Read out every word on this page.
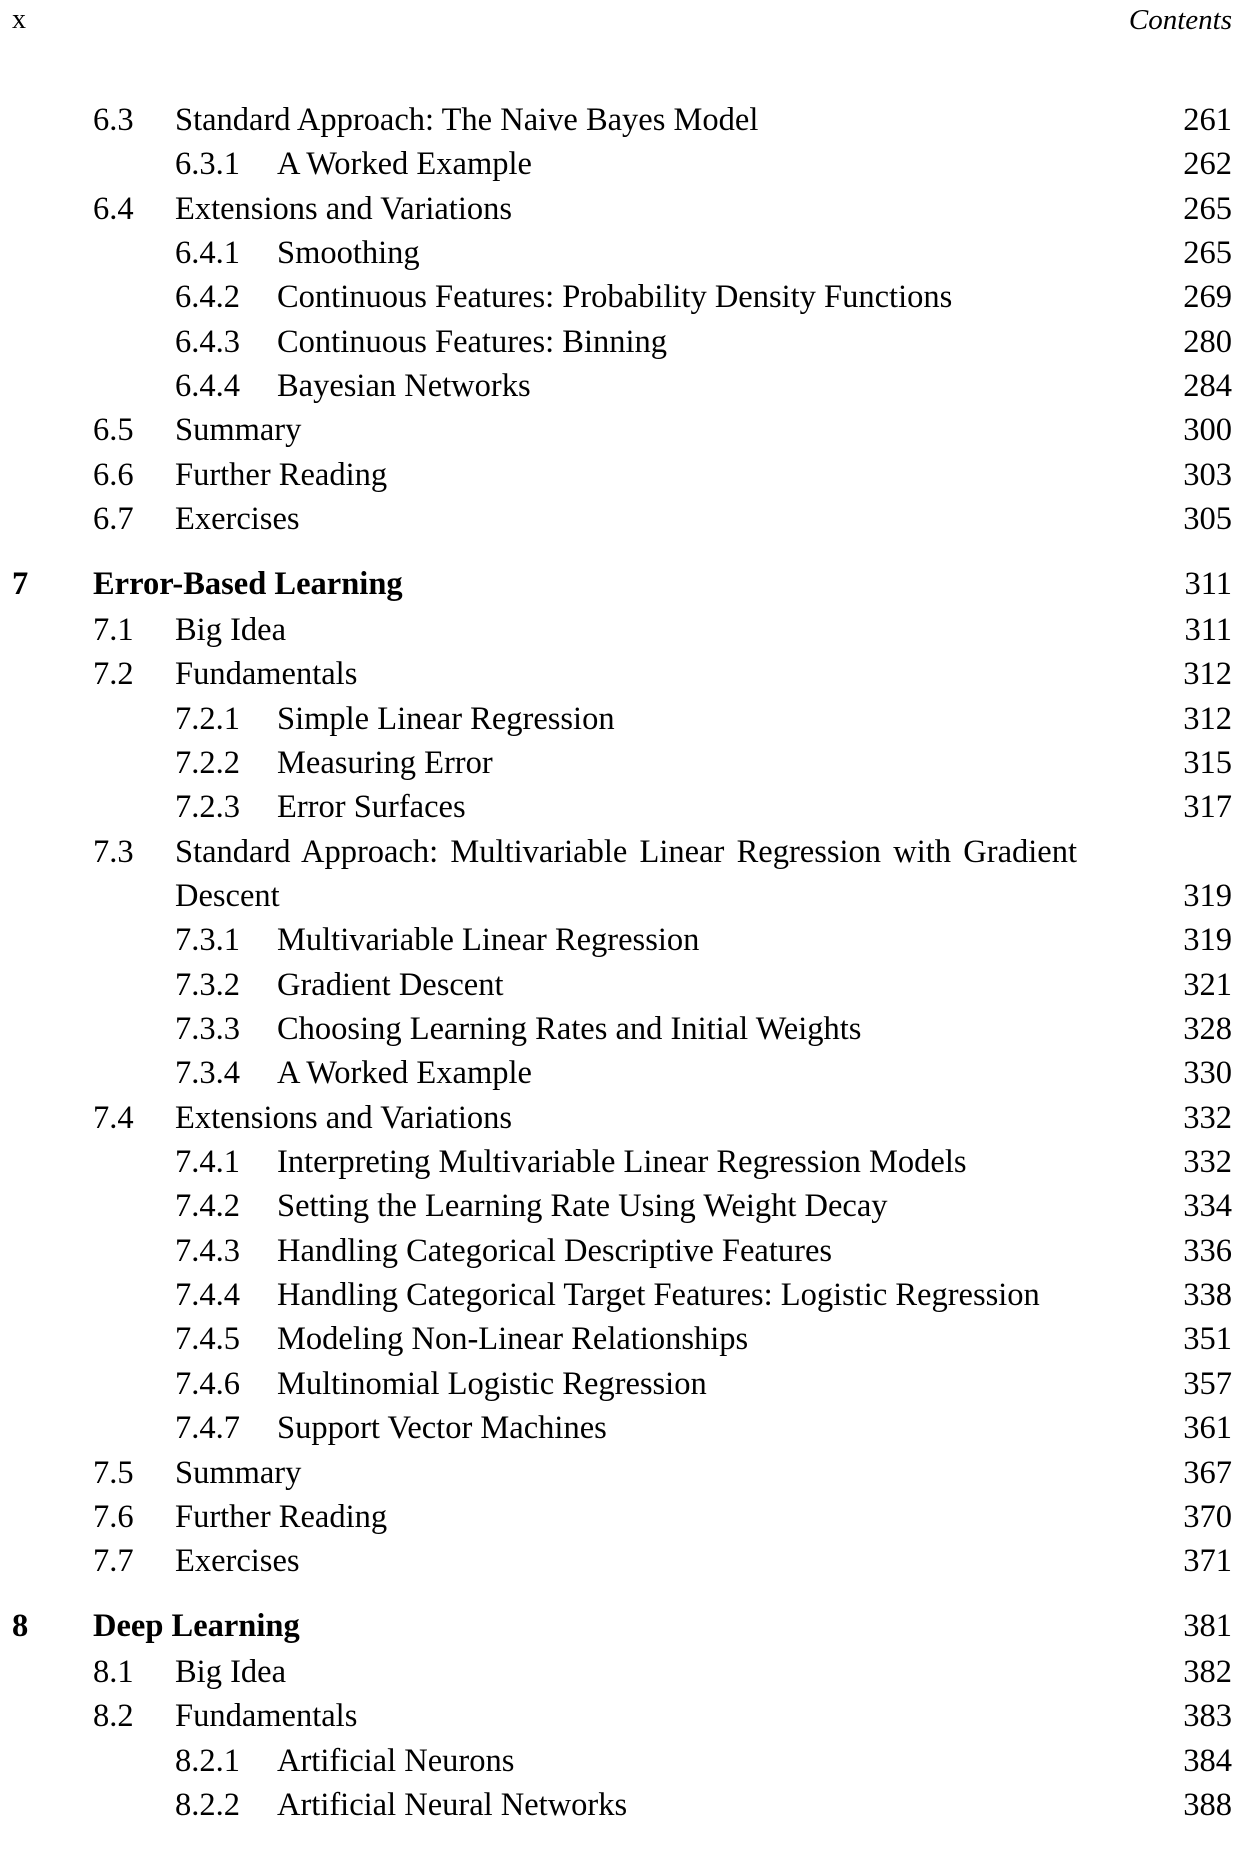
x	Contents
6.3 Standard Approach: The Naive Bayes Model	261
6.3.1 A Worked Example	262
6.4 Extensions and Variations	265
6.4.1 Smoothing	265
6.4.2 Continuous Features: Probability Density Functions	269
6.4.3 Continuous Features: Binning	280
6.4.4 Bayesian Networks	284
6.5 Summary	300
6.6 Further Reading	303
6.7 Exercises	305
7 Error-Based Learning	311
7.1 Big Idea	311
7.2 Fundamentals	312
7.2.1 Simple Linear Regression	312
7.2.2 Measuring Error	315
7.2.3 Error Surfaces	317
7.3 Standard Approach: Multivariable Linear Regression with Gradient
Descent	319
7.3.1 Multivariable Linear Regression	319
7.3.2 Gradient Descent	321
7.3.3 Choosing Learning Rates and Initial Weights	328
7.3.4 A Worked Example	330
7.4 Extensions and Variations	332
7.4.1 Interpreting Multivariable Linear Regression Models	332
7.4.2 Setting the Learning Rate Using Weight Decay	334
7.4.3 Handling Categorical Descriptive Features	336
7.4.4 Handling Categorical Target Features: Logistic Regression	338
7.4.5 Modeling Non-Linear Relationships	351
7.4.6 Multinomial Logistic Regression	357
7.4.7 Support Vector Machines	361
7.5 Summary	367
7.6 Further Reading	370
7.7 Exercises	371
8 Deep Learning	381
8.1 Big Idea	382
8.2 Fundamentals	383
8.2.1 Artificial Neurons	384
8.2.2 Artificial Neural Networks	388
